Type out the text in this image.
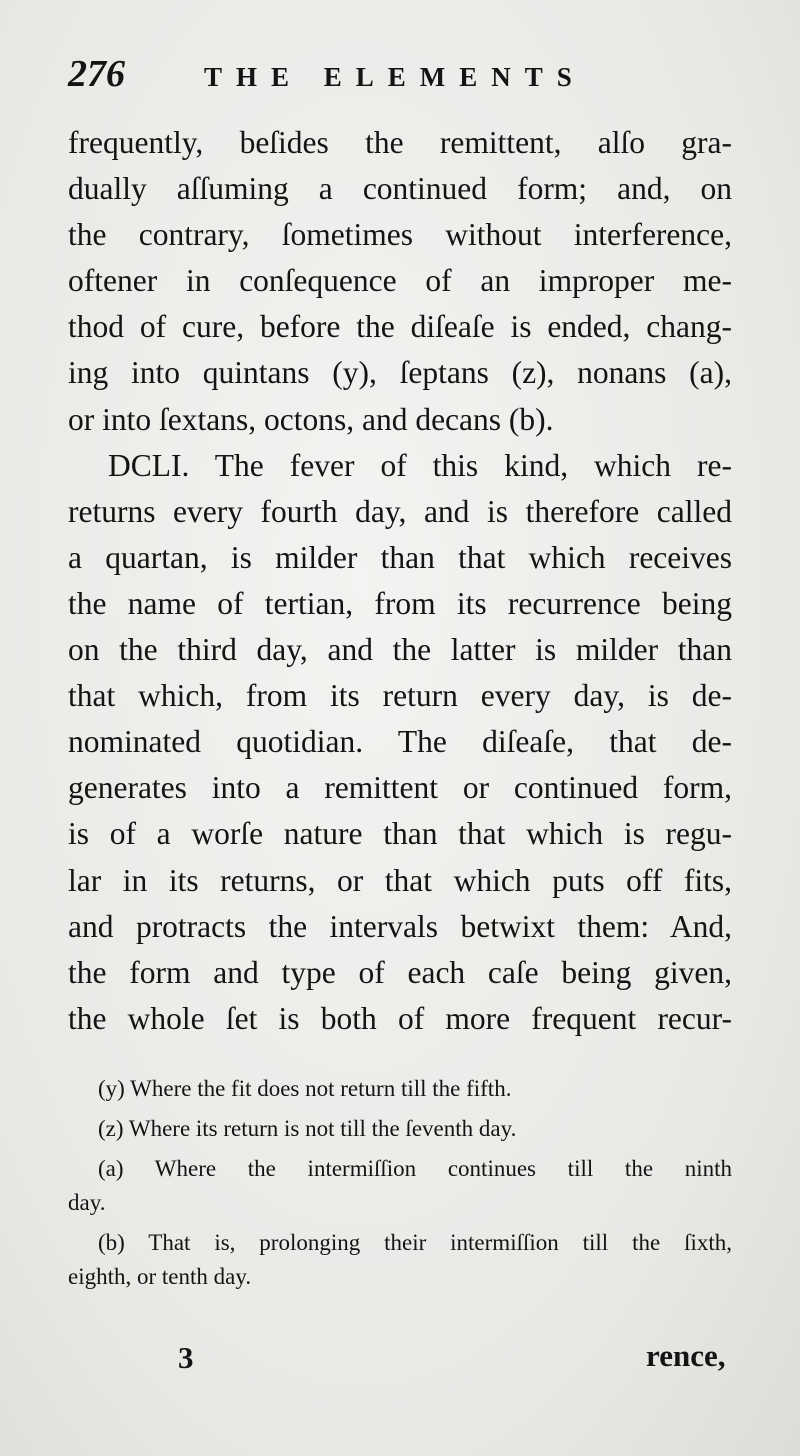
276	THE ELEMENTS
frequently, beſides the remittent, alſo gra-
dually aſſuming a continued form; and, on
the contrary, ſometimes without interference,
oftener in conſequence of an improper me-
thod of cure, before the diſeaſe is ended, chang-
ing into quintans (y), ſeptans (z), nonans (a),
or into ſextans, octons, and decans (b).
DCLI. The fever of this kind, which re-
returns every fourth day, and is therefore called
a quartan, is milder than that which receives
the name of tertian, from its recurrence being
on the third day, and the latter is milder than
that which, from its return every day, is de-
nominated quotidian. The diſeaſe, that de-
generates into a remittent or continued form,
is of a worſe nature than that which is regu-
lar in its returns, or that which puts off fits,
and protracts the intervals betwixt them: And,
the form and type of each caſe being given,
the whole ſet is both of more frequent recur-
(y) Where the fit does not return till the fifth.
(z) Where its return is not till the ſeventh day.
(a) Where the intermiſſion continues till the ninth
day.
(b) That is, prolonging their intermiſſion till the ſixth,
eighth, or tenth day.
3	rence,
